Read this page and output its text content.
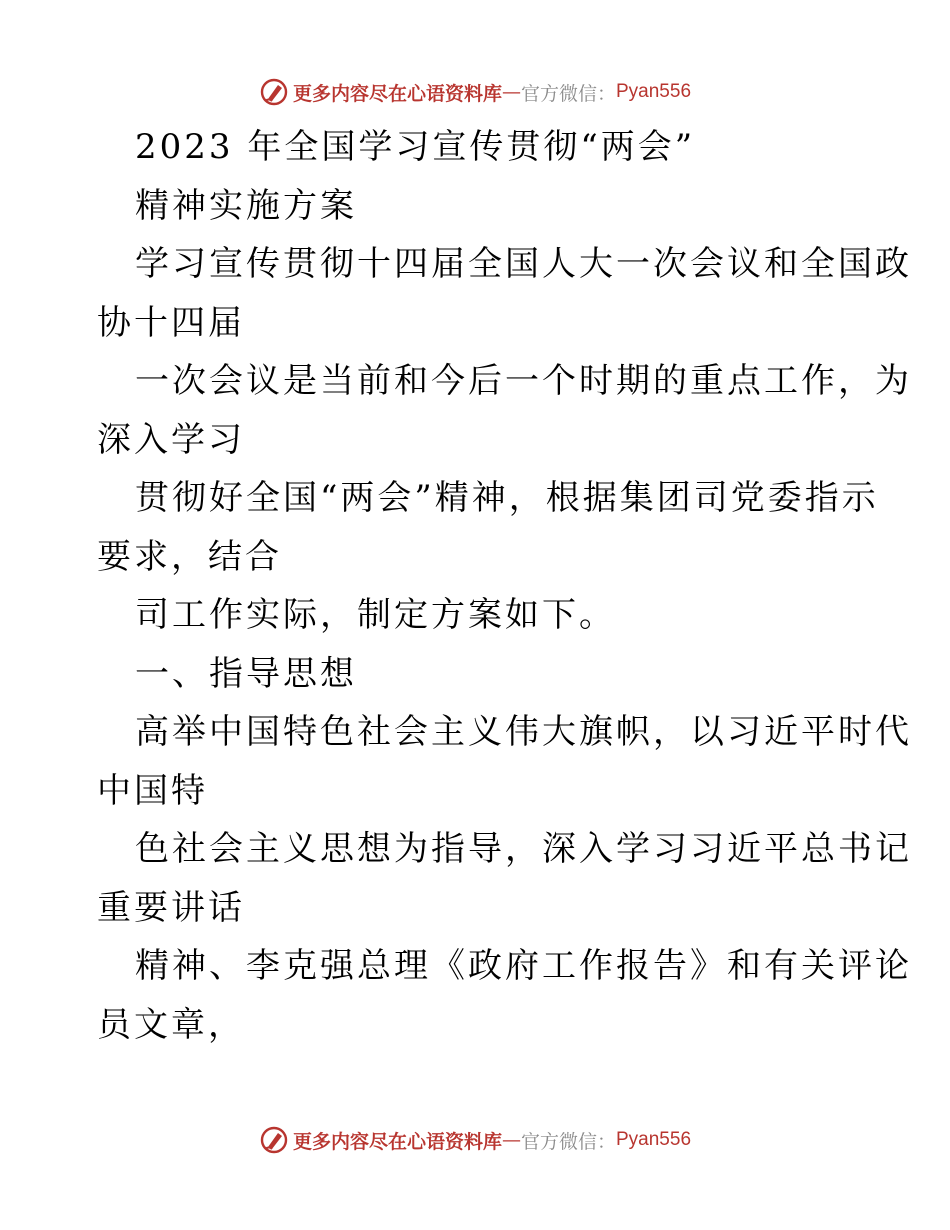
更多内容尽在心语资料库 — 官方微信： Pyan556

2023 年全国学习宣传贯彻“两会”

精神实施方案

学习宣传贯彻十四届全国人大一次会议和全国政

协十四届

一次会议是当前和今后一个时期的重点工作，为

深入学习

贯彻好全国“两会”精神，根据集团司党委指示

要求，结合

司工作实际，制定方案如下。

一、指导思想

高举中国特色社会主义伟大旗帜，以习近平时代

中国特

色社会主义思想为指导，深入学习习近平总书记

重要讲话

精神、李克强总理《政府工作报告》和有关评论

员文章，

更多内容尽在心语资料库 — 官方微信： Pyan556
